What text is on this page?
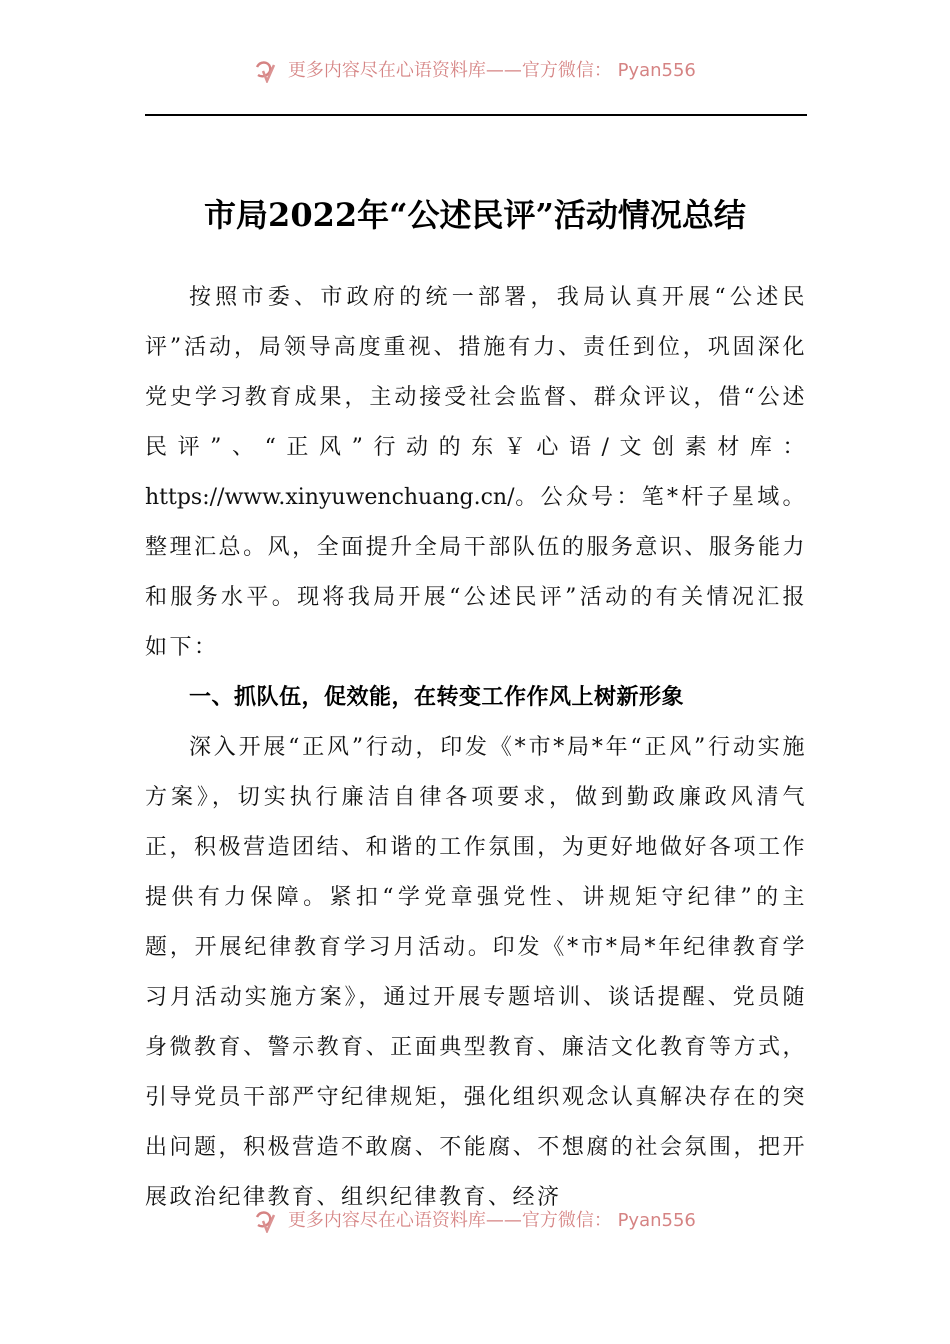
更多内容尽在心语资料库——官方微信： Pyan556
市局2022年“公述民评”活动情况总结

按照市委、市政府的统一部署，我局认真开展“公述民评”活动，局领导高度重视、措施有力、责任到位，巩固深化党史学习教育成果，主动接受社会监督、群众评议，借“公述民评”、“正风”行动的东￥心语/文创素材库：https://www.xinyuwenchuang.cn/。公众号：笔*杆子星域。整理汇总。风，全面提升全局干部队伍的服务意识、服务能力和服务水平。现将我局开展“公述民评”活动的有关情况汇报如下：

一、抓队伍，促效能，在转变工作作风上树新形象

深入开展“正风”行动，印发《*市*局*年“正风”行动实施方案》，切实执行廉洁自律各项要求，做到勤政廉政风清气正，积极营造团结、和谐的工作氛围，为更好地做好各项工作提供有力保障。紧扣“学党章强党性、讲规矩守纪律”的主题，开展纪律教育学习月活动。印发《*市*局*年纪律教育学习月活动实施方案》，通过开展专题培训、谈话提醒、党员随身微教育、警示教育、正面典型教育、廉洁文化教育等方式，引导党员干部严守纪律规矩，强化组织观念认真解决存在的突出问题，积极营造不敢腐、不能腐、不想腐的社会氛围，把开展政治纪律教育、组织纪律教育、经济

更多内容尽在心语资料库——官方微信： Pyan556
